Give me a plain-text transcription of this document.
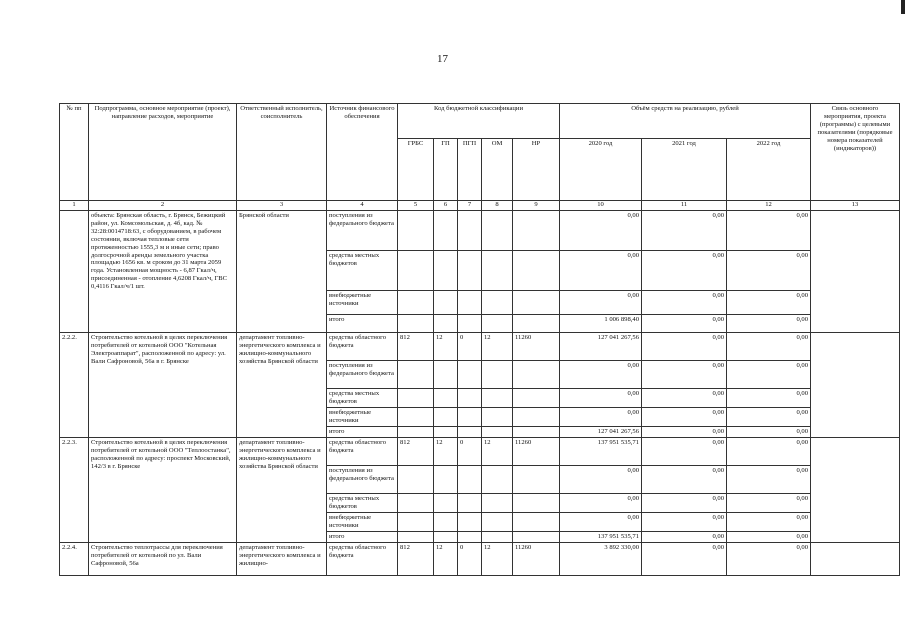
17
№ пп	Подпрограмма, основное мероприятие (проект), направление расходов, мероприятие	Ответственный исполнитель, соисполнитель	Источник финансового обеспечения	Код бюджетной классификации					Объём средств на реализацию, рублей			Связь основного мероприятия, проекта (программы) с целевыми показателями (порядковые номера показателей (индикаторов))
				ГРБС	ГП	ПГП	ОМ	НР	2020 год	2021 год	2022 год	
1	2	3	4	5	6	7	8	9	10	11	12	13
	объекта: Брянская область, г. Брянск, Бежицкий район, ул. Комсомольская, д. 4б, кад. № 32:28:0014718:63, с оборудованием, в рабочем состоянии, включая тепловые сети протяженностью 1555,3 м и иные сети; право долгосрочной аренды земельного участка площадью 1656 кв. м сроком до 31 марта 2059 года. Установленная мощность - 6,87 Гкал/ч, присоединенная - отопление 4,6208 Гкал/ч, ГВС 0,4116 Гкал/ч/1 шт.	Брянской области	поступления из федерального бюджета						0,00	0,00	0,00	
			средства местных бюджетов						0,00	0,00	0,00	
			внебюджетные источники						0,00	0,00	0,00	
			итого						1 006 898,40	0,00	0,00	
2.2.2.	Строительство котельной в целях переключения потребителей от котельной ООО "Котельная Электроаппарат", расположенной по адресу: ул. Вали Сафроновой, 56а в г. Брянске	департамент топливно-энергетического комплекса и жилищно-коммунального хозяйства Брянской области	средства областного бюджета	812	12	0	12	11260	127 041 267,56	0,00	0,00	
			поступления из федерального бюджета						0,00	0,00	0,00	
			средства местных бюджетов						0,00	0,00	0,00	
			внебюджетные источники						0,00	0,00	0,00	
			итого						127 041 267,56	0,00	0,00	
2.2.3.	Строительство котельной в целях переключения потребителей от котельной ООО "Теплоостанка", расположенной по адресу: проспект Московский, 142/3 в г. Брянске	департамент топливно-энергетического комплекса и жилищно-коммунального хозяйства Брянской области	средства областного бюджета	812	12	0	12	11260	137 951 535,71	0,00	0,00	
			поступления из федерального бюджета						0,00	0,00	0,00	
			средства местных бюджетов						0,00	0,00	0,00	
			внебюджетные источники						0,00	0,00	0,00	
			итого						137 951 535,71	0,00	0,00	
2.2.4.	Строительство теплотрассы для переключения потребителей от котельной по ул. Вали Сафроновой, 56а	департамент топливно-энергетического комплекса и жилищно-	средства областного бюджета	812	12	0	12	11260	3 892 330,00	0,00	0,00	
